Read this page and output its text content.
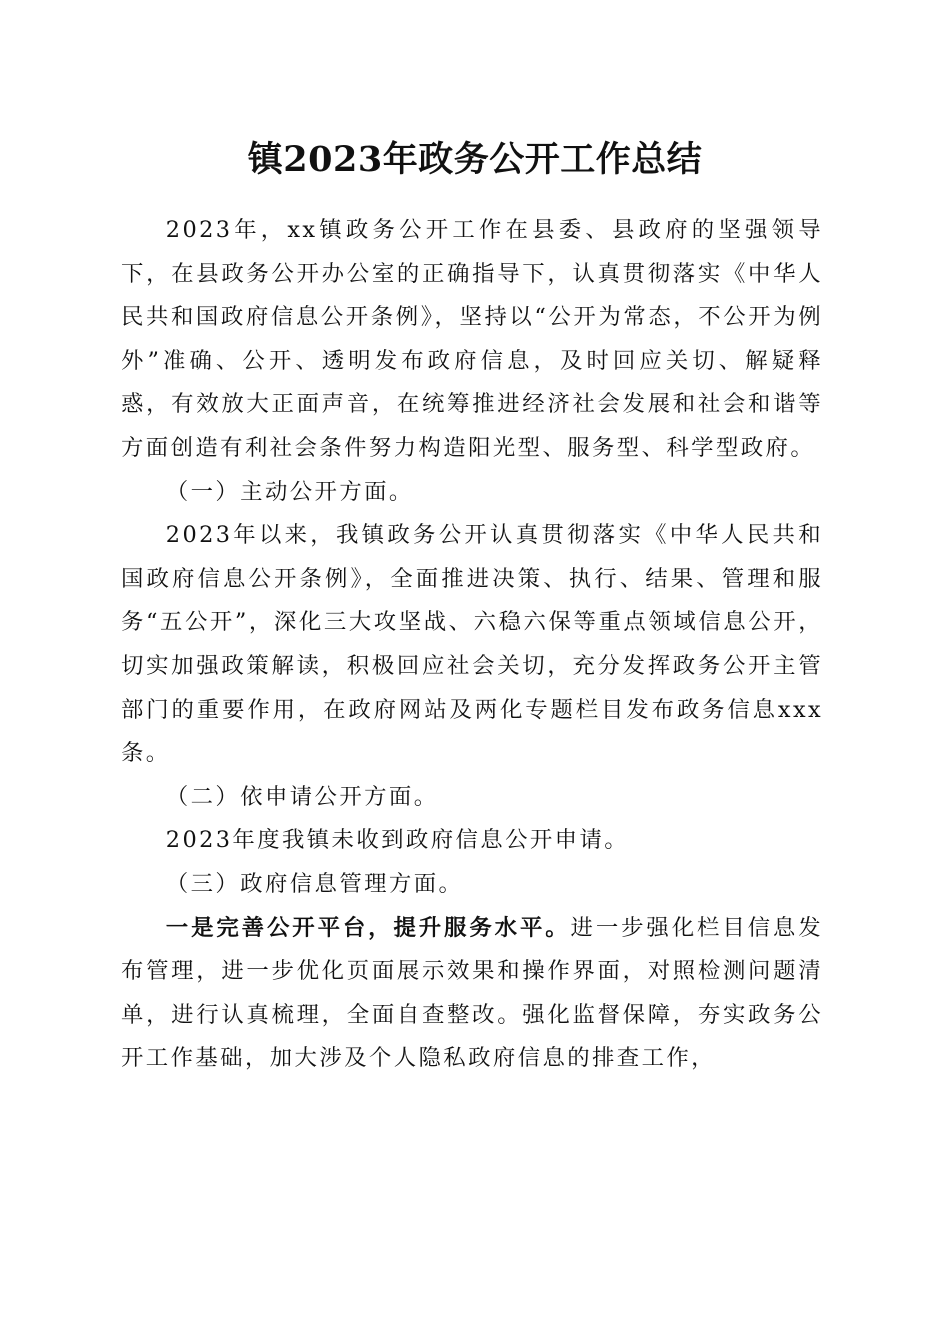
镇2023年政务公开工作总结

2023年，xx镇政务公开工作在县委、县政府的坚强领导下，在县政务公开办公室的正确指导下，认真贯彻落实《中华人民共和国政府信息公开条例》，坚持以“公开为常态，不公开为例外”准确、公开、透明发布政府信息，及时回应关切、解疑释惑，有效放大正面声音，在统筹推进经济社会发展和社会和谐等方面创造有利社会条件努力构造阳光型、服务型、科学型政府。

（一）主动公开方面。

2023年以来，我镇政务公开认真贯彻落实《中华人民共和国政府信息公开条例》，全面推进决策、执行、结果、管理和服务“五公开”，深化三大攻坚战、六稳六保等重点领域信息公开，切实加强政策解读，积极回应社会关切，充分发挥政务公开主管部门的重要作用，在政府网站及两化专题栏目发布政务信息xxx条。

（二）依申请公开方面。

2023年度我镇未收到政府信息公开申请。

（三）政府信息管理方面。

一是完善公开平台，提升服务水平。进一步强化栏目信息发布管理，进一步优化页面展示效果和操作界面，对照检测问题清单，进行认真梳理，全面自查整改。强化监督保障，夯实政务公开工作基础，加大涉及个人隐私政府信息的排查工作，
